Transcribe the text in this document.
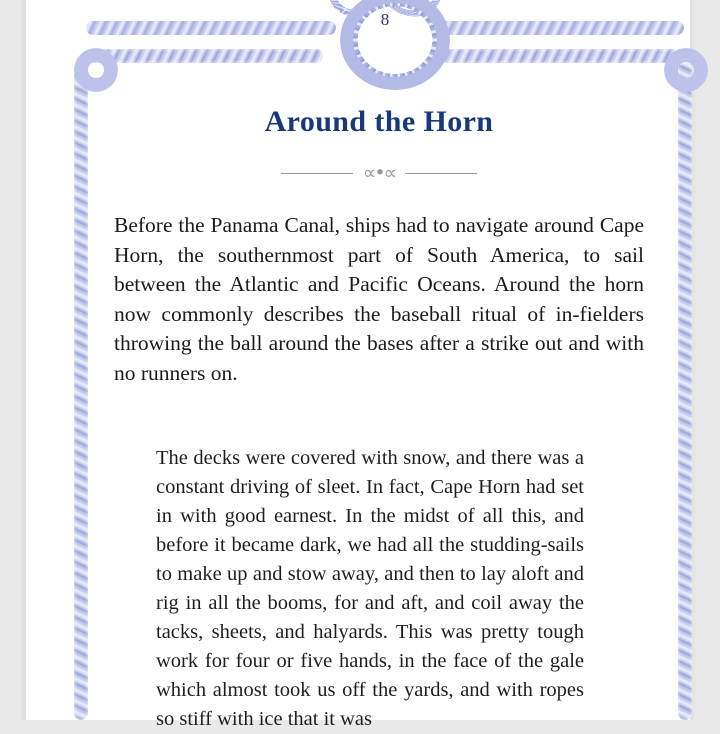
8
Around the Horn
∝•∝

Before the Panama Canal, ships had to navigate around Cape Horn, the southernmost part of South America, to sail between the Atlantic and Pacific Oceans. Around the horn now commonly describes the baseball ritual of in-fielders throwing the ball around the bases after a strike out and with no runners on.

The decks were covered with snow, and there was a constant driving of sleet. In fact, Cape Horn had set in with good earnest. In the midst of all this, and before it became dark, we had all the studding-sails to make up and stow away, and then to lay aloft and rig in all the booms, for and aft, and coil away the tacks, sheets, and halyards. This was pretty tough work for four or five hands, in the face of the gale which almost took us off the yards, and with ropes so stiff with ice that it was
